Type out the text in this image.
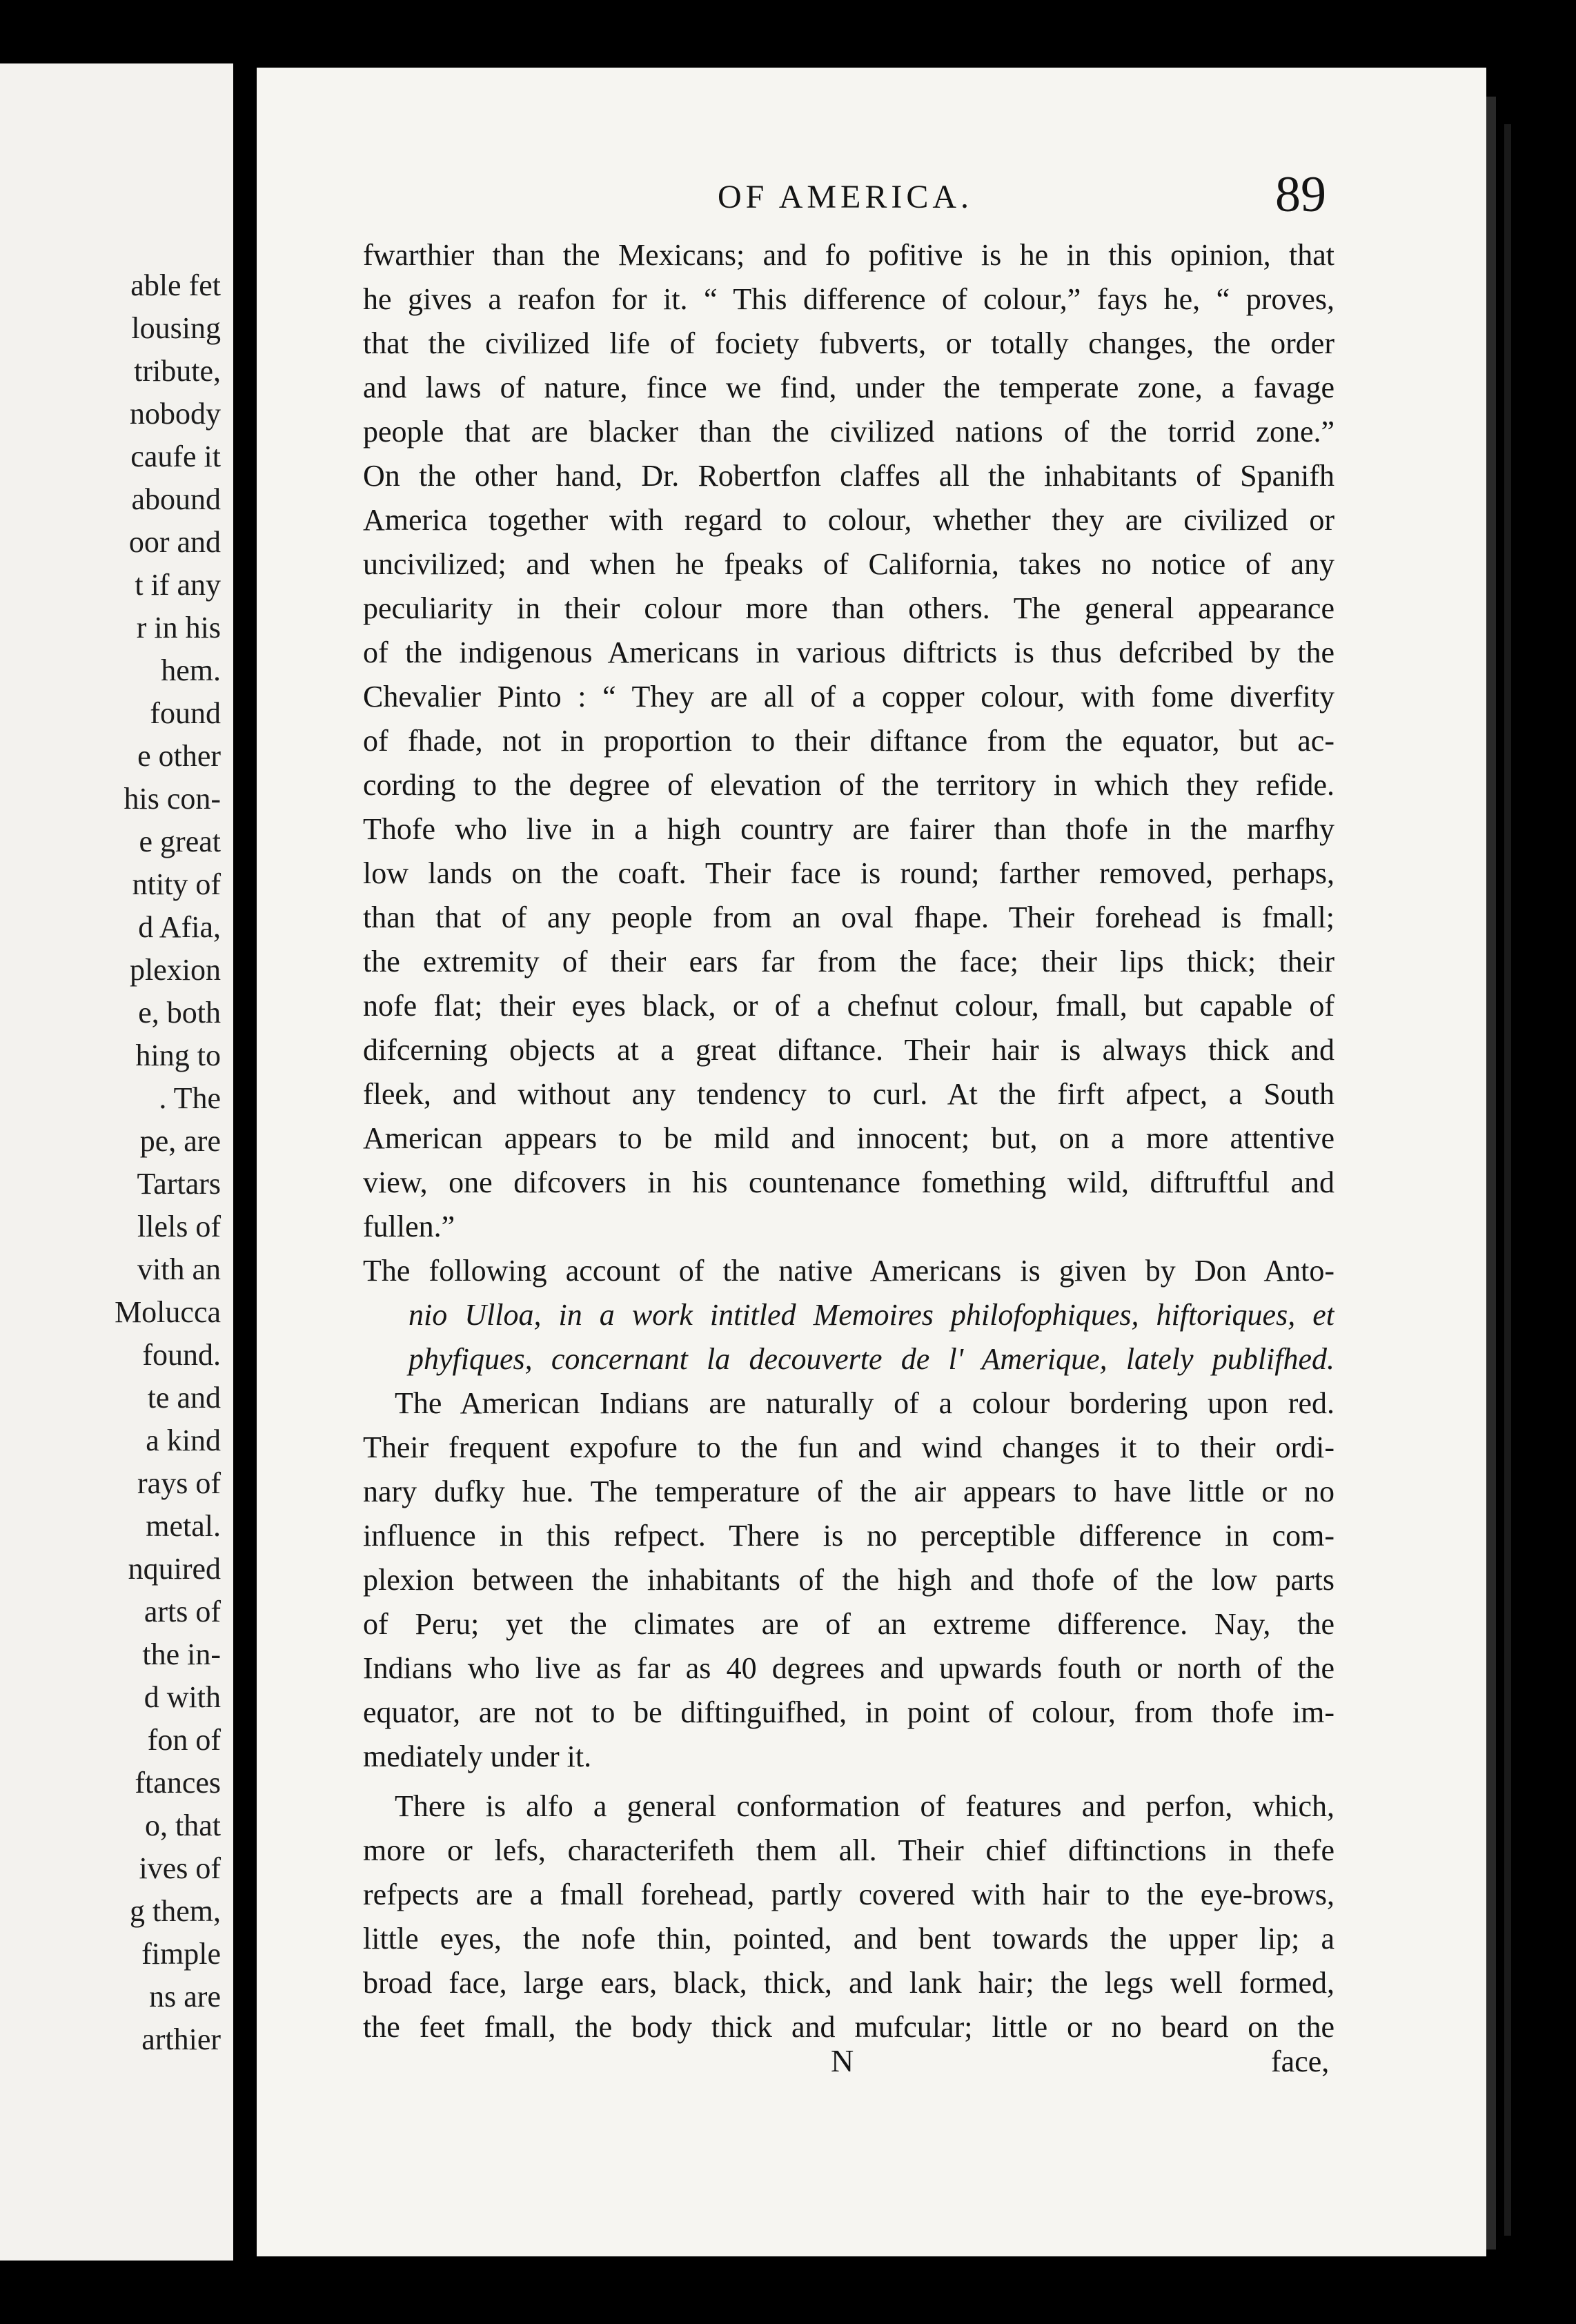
able fet
lousing
tribute,
nobody
caufe it
abound
oor and
t if any
r in his
hem.
found
e other
his con-
e great
ntity of
d Afia,
plexion
e, both
hing to
. The
pe, are
Tartars
llels of
vith an
Molucca
found.
te and
a kind
rays of
metal.
nquired
arts of
the in-
d with
fon of
ftances
o, that
ives of
g them,
fimple
ns are
arthier
OF AMERICA.	89
fwarthier than the Mexicans; and fo pofitive is he in this opinion, that
he gives a reafon for it. “ This difference of colour,” fays he, “ proves,
that the civilized life of fociety fubverts, or totally changes, the order
and laws of nature, fince we find, under the temperate zone, a favage
people that are blacker than the civilized nations of the torrid zone.”
On the other hand, Dr. Robertfon claffes all the inhabitants of Spanifh
America together with regard to colour, whether they are civilized or
uncivilized; and when he fpeaks of California, takes no notice of any
peculiarity in their colour more than others. The general appearance
of the indigenous Americans in various diftricts is thus defcribed by the
Chevalier Pinto : “ They are all of a copper colour, with fome diverfity
of fhade, not in proportion to their diftance from the equator, but ac-
cording to the degree of elevation of the territory in which they refide.
Thofe who live in a high country are fairer than thofe in the marfhy
low lands on the coaft. Their face is round; farther removed, perhaps,
than that of any people from an oval fhape. Their forehead is fmall;
the extremity of their ears far from the face; their lips thick; their
nofe flat; their eyes black, or of a chefnut colour, fmall, but capable of
difcerning objects at a great diftance. Their hair is always thick and
fleek, and without any tendency to curl. At the firft afpect, a South
American appears to be mild and innocent; but, on a more attentive
view, one difcovers in his countenance fomething wild, diftruftful and
fullen.”
The following account of the native Americans is given by Don Anto-
nio Ulloa, in a work intitled Memoires philofophiques, hiftoriques, et
phyfiques, concernant la decouverte de l' Amerique, lately publifhed.
The American Indians are naturally of a colour bordering upon red.
Their frequent expofure to the fun and wind changes it to their ordi-
nary dufky hue. The temperature of the air appears to have little or no
influence in this refpect. There is no perceptible difference in com-
plexion between the inhabitants of the high and thofe of the low parts
of Peru; yet the climates are of an extreme difference. Nay, the
Indians who live as far as 40 degrees and upwards fouth or north of the
equator, are not to be diftinguifhed, in point of colour, from thofe im-
mediately under it.
There is alfo a general conformation of features and perfon, which,
more or lefs, characterifeth them all. Their chief diftinctions in thefe
refpects are a fmall forehead, partly covered with hair to the eye-brows,
little eyes, the nofe thin, pointed, and bent towards the upper lip; a
broad face, large ears, black, thick, and lank hair; the legs well formed,
the feet fmall, the body thick and mufcular; little or no beard on the
N	face,
